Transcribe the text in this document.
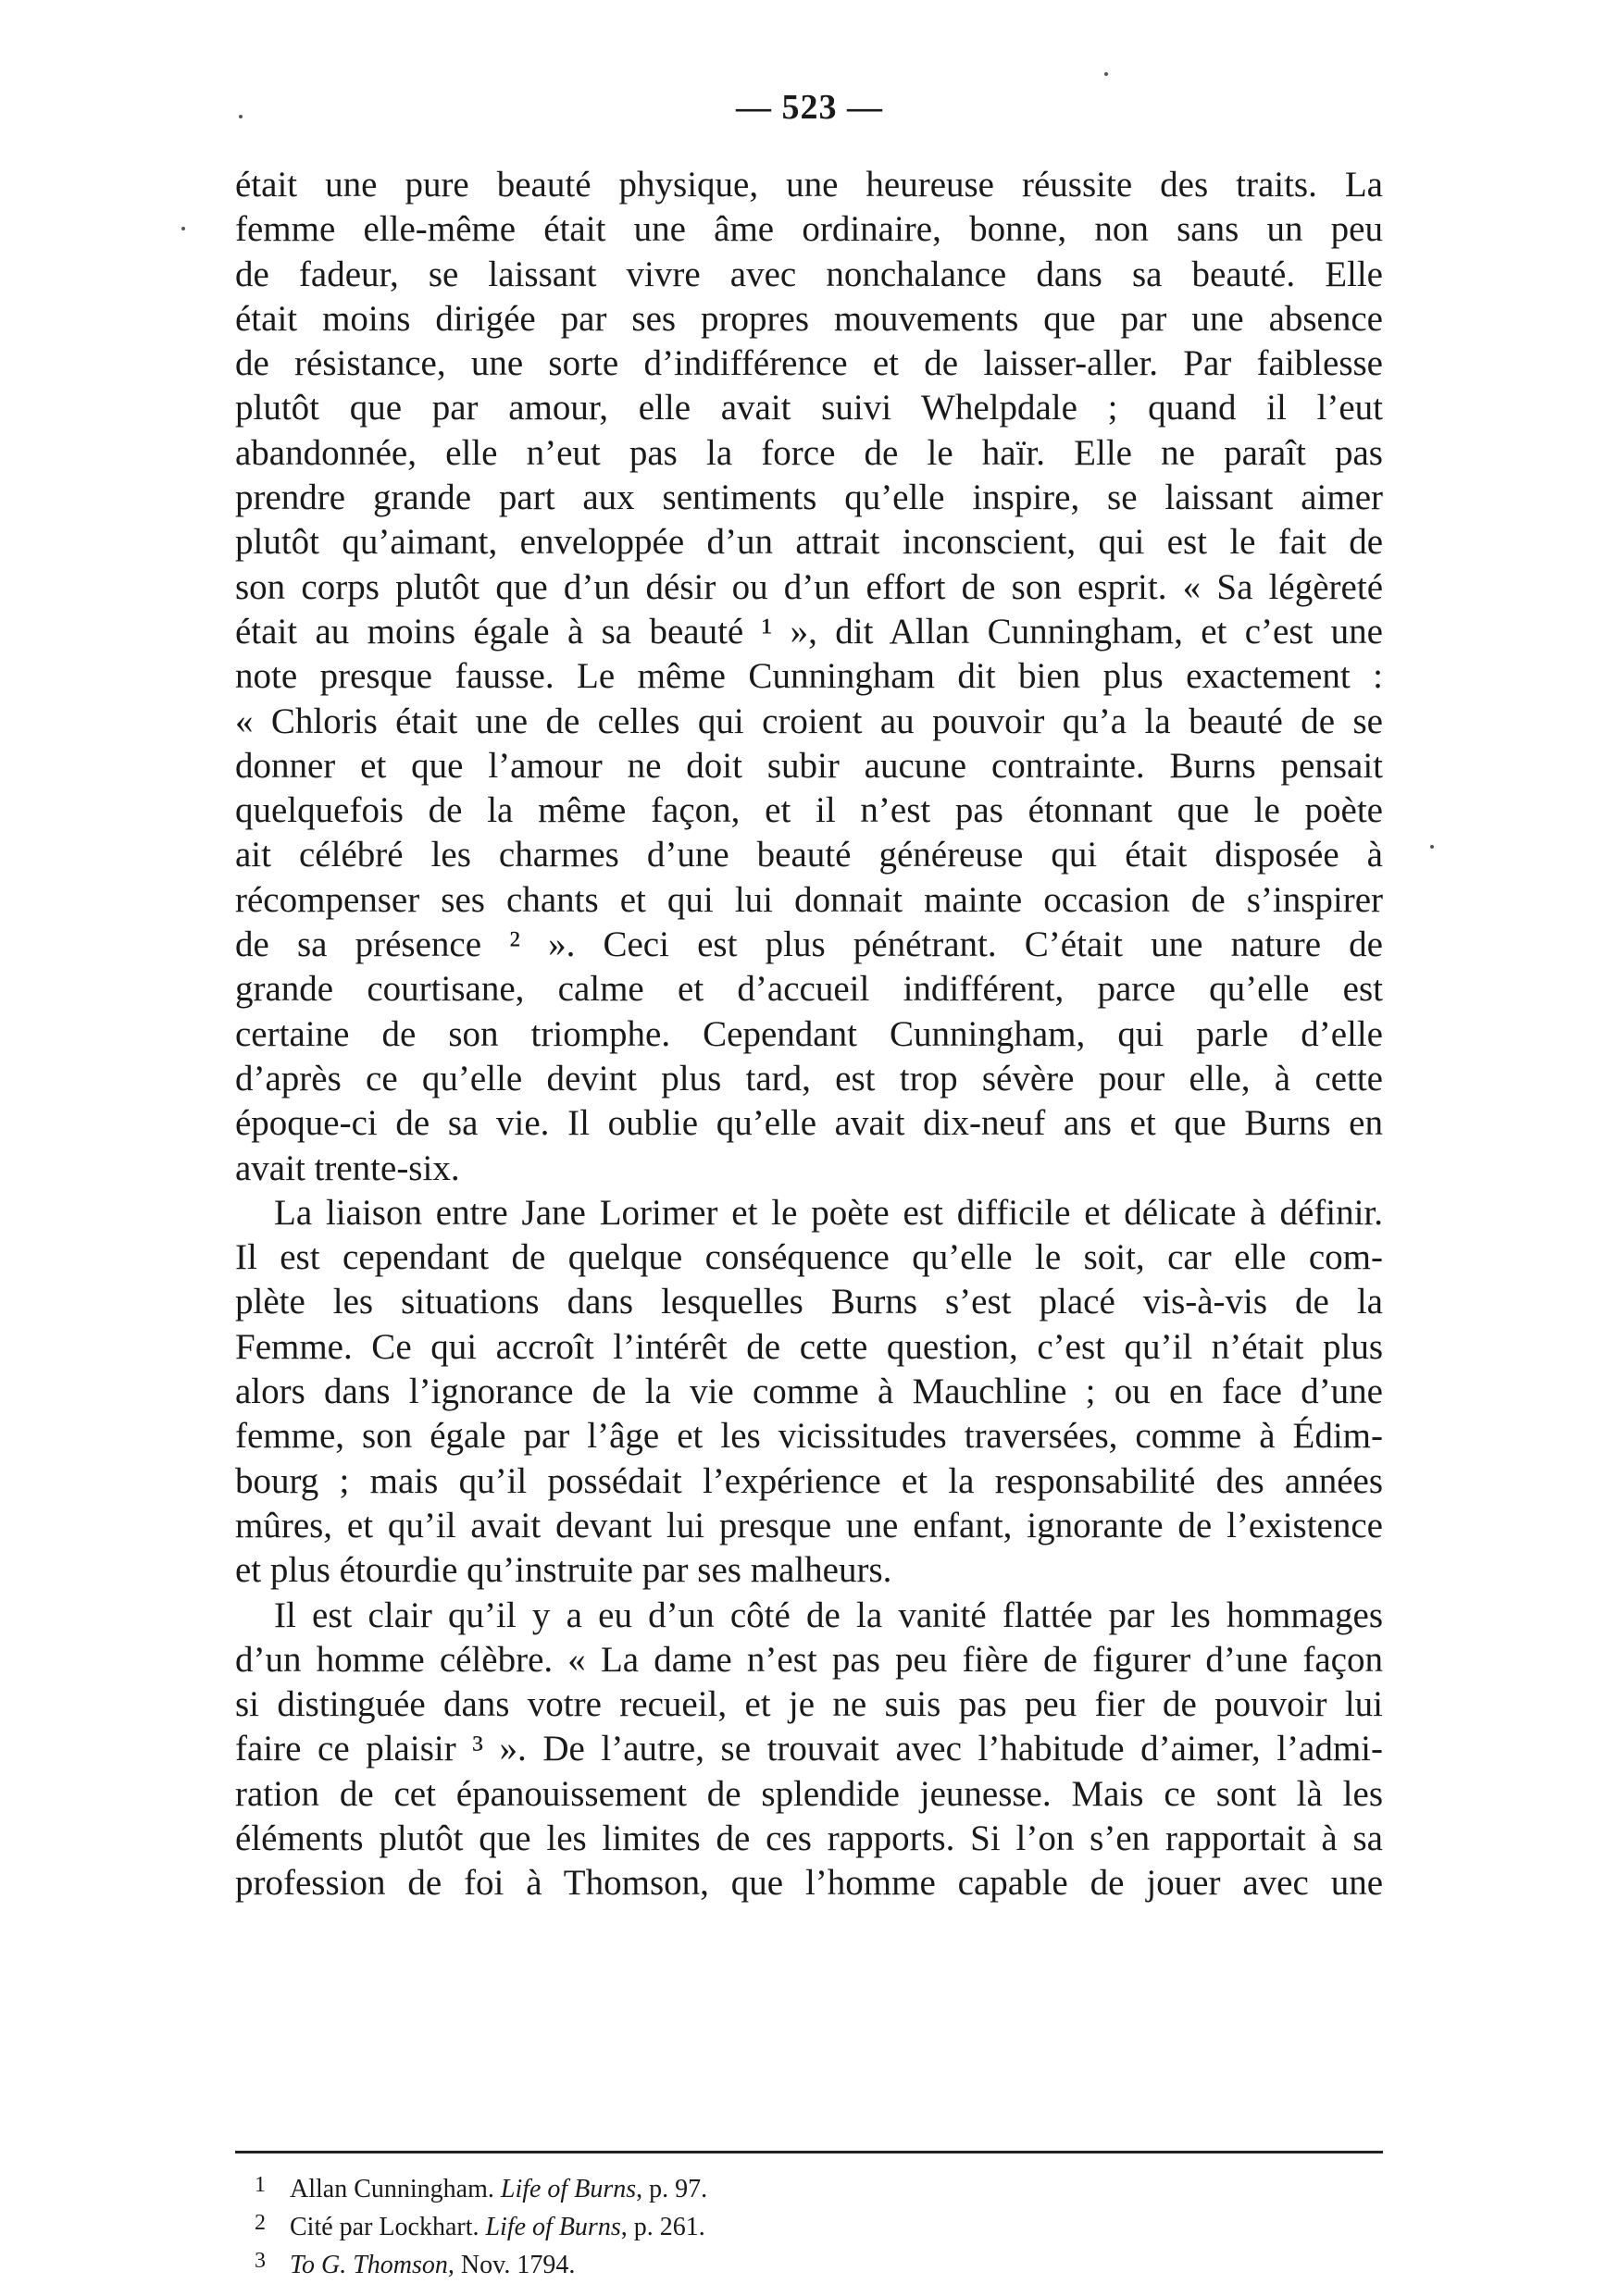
— 523 —
était une pure beauté physique, une heureuse réussite des traits. La
femme elle-même était une âme ordinaire, bonne, non sans un peu
de fadeur, se laissant vivre avec nonchalance dans sa beauté. Elle
était moins dirigée par ses propres mouvements que par une absence
de résistance, une sorte d’indifférence et de laisser-aller. Par faiblesse
plutôt que par amour, elle avait suivi Whelpdale ; quand il l’eut
abandonnée, elle n’eut pas la force de le haïr. Elle ne paraît pas
prendre grande part aux sentiments qu’elle inspire, se laissant aimer
plutôt qu’aimant, enveloppée d’un attrait inconscient, qui est le fait de
son corps plutôt que d’un désir ou d’un effort de son esprit. « Sa légèreté
était au moins égale à sa beauté ¹ », dit Allan Cunningham, et c’est une
note presque fausse. Le même Cunningham dit bien plus exactement :
« Chloris était une de celles qui croient au pouvoir qu’a la beauté de se
donner et que l’amour ne doit subir aucune contrainte. Burns pensait
quelquefois de la même façon, et il n’est pas étonnant que le poète
ait célébré les charmes d’une beauté généreuse qui était disposée à
récompenser ses chants et qui lui donnait mainte occasion de s’inspirer
de sa présence ² ». Ceci est plus pénétrant. C’était une nature de
grande courtisane, calme et d’accueil indifférent, parce qu’elle est
certaine de son triomphe. Cependant Cunningham, qui parle d’elle
d’après ce qu’elle devint plus tard, est trop sévère pour elle, à cette
époque-ci de sa vie. Il oublie qu’elle avait dix-neuf ans et que Burns en
avait trente-six.
La liaison entre Jane Lorimer et le poète est difficile et délicate à définir.
Il est cependant de quelque conséquence qu’elle le soit, car elle com-
plète les situations dans lesquelles Burns s’est placé vis-à-vis de la
Femme. Ce qui accroît l’intérêt de cette question, c’est qu’il n’était plus
alors dans l’ignorance de la vie comme à Mauchline ; ou en face d’une
femme, son égale par l’âge et les vicissitudes traversées, comme à Édim-
bourg ; mais qu’il possédait l’expérience et la responsabilité des années
mûres, et qu’il avait devant lui presque une enfant, ignorante de l’existence
et plus étourdie qu’instruite par ses malheurs.
Il est clair qu’il y a eu d’un côté de la vanité flattée par les hommages
d’un homme célèbre. « La dame n’est pas peu fière de figurer d’une façon
si distinguée dans votre recueil, et je ne suis pas peu fier de pouvoir lui
faire ce plaisir ³ ». De l’autre, se trouvait avec l’habitude d’aimer, l’admi-
ration de cet épanouissement de splendide jeunesse. Mais ce sont là les
éléments plutôt que les limites de ces rapports. Si l’on s’en rapportait à sa
profession de foi à Thomson, que l’homme capable de jouer avec une
1 Allan Cunningham. Life of Burns, p. 97.
2 Cité par Lockhart. Life of Burns, p. 261.
3 To G. Thomson, Nov. 1794.
